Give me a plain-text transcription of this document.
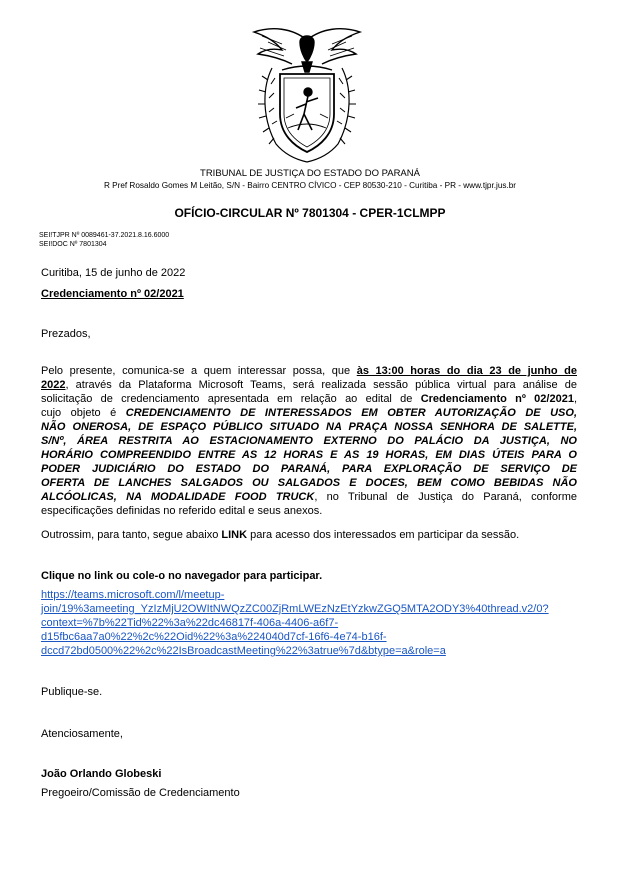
TRIBUNAL DE JUSTIÇA DO ESTADO DO PARANÁ
R Pref Rosaldo Gomes M Leitão, S/N - Bairro CENTRO CÍVICO - CEP 80530-210 - Curitiba - PR - www.tjpr.jus.br
OFÍCIO-CIRCULAR Nº 7801304 - CPER-1CLMPP
SEI!TJPR Nº 0089461-37.2021.8.16.6000
SEI!DOC Nº 7801304
Curitiba, 15 de junho de 2022
Credenciamento nº 02/2021
Prezados,
Pelo presente, comunica-se a quem interessar possa, que às 13:00 horas do dia 23 de junho de
2022, através da Plataforma Microsoft Teams, será realizada sessão pública virtual para análise de
solicitação de credenciamento apresentada em relação ao edital de Credenciamento nº 02/2021,
cujo objeto é CREDENCIAMENTO DE INTERESSADOS EM OBTER AUTORIZAÇÃO DE USO,
NÃO ONEROSA, DE ESPAÇO PÚBLICO SITUADO NA PRAÇA NOSSA SENHORA DE SALETTE,
S/Nº, ÁREA RESTRITA AO ESTACIONAMENTO EXTERNO DO PALÁCIO DA JUSTIÇA, NO
HORÁRIO COMPREENDIDO ENTRE AS 12 HORAS E AS 19 HORAS, EM DIAS ÚTEIS PARA O
PODER JUDICIÁRIO DO ESTADO DO PARANÁ, PARA EXPLORAÇÃO DE SERVIÇO DE
OFERTA DE LANCHES SALGADOS OU SALGADOS E DOCES, BEM COMO BEBIDAS NÃO
ALCÓOLICAS, NA MODALIDADE FOOD TRUCK, no Tribunal de Justiça do Paraná, conforme
especificações definidas no referido edital e seus anexos.
Outrossim, para tanto, segue abaixo LINK para acesso dos interessados em participar da sessão.
Clique no link ou cole-o no navegador para participar.
https://teams.microsoft.com/l/meetup-
join/19%3ameeting_YzIzMjU2OWItNWQzZC00ZjRmLWEzNzEtYzkwZGQ5MTA2ODY3%40thread.v2/0?
context=%7b%22Tid%22%3a%22dc46817f-406a-4406-a6f7-
d15fbc6aa7a0%22%2c%22Oid%22%3a%224040d7cf-16f6-4e74-b16f-
dccd72bd0500%22%2c%22IsBroadcastMeeting%22%3atrue%7d&btype=a&role=a
Publique-se.
Atenciosamente,
João Orlando Globeski
Pregoeiro/Comissão de Credenciamento
